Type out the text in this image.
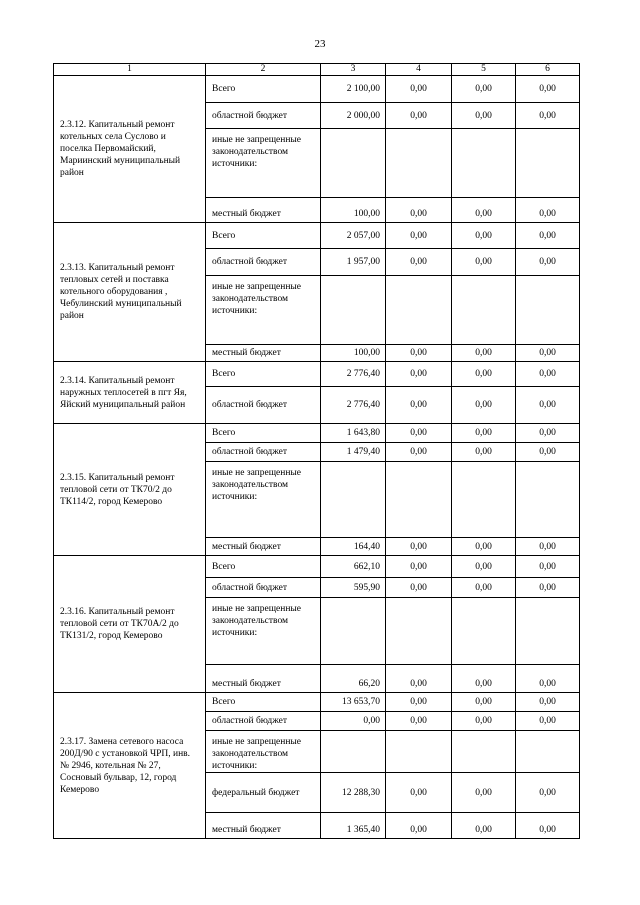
23
1	2	3	4	5	6
2.3.12. Капитальный ремонт котельных села Суслово и поселка Первомайский, Мариинский муниципальный район	Всего	2 100,00	0,00	0,00	0,00
	областной бюджет	2 000,00	0,00	0,00	0,00
	иные не запрещенные законодательством источники:				
	местный бюджет	100,00	0,00	0,00	0,00
2.3.13. Капитальный ремонт тепловых сетей и поставка котельного оборудования , Чебулинский муниципальный район	Всего	2 057,00	0,00	0,00	0,00
	областной бюджет	1 957,00	0,00	0,00	0,00
	иные не запрещенные законодательством источники:				
	местный бюджет	100,00	0,00	0,00	0,00
2.3.14. Капитальный ремонт наружных теплосетей в пгт Яя, Яйский муниципальный район	Всего	2 776,40	0,00	0,00	0,00
	областной бюджет	2 776,40	0,00	0,00	0,00
2.3.15. Капитальный ремонт тепловой сети от ТК70/2 до ТК114/2, город Кемерово	Всего	1 643,80	0,00	0,00	0,00
	областной бюджет	1 479,40	0,00	0,00	0,00
	иные не запрещенные законодательством источники:				
	местный бюджет	164,40	0,00	0,00	0,00
2.3.16. Капитальный ремонт тепловой сети от ТК70А/2 до ТК131/2, город Кемерово	Всего	662,10	0,00	0,00	0,00
	областной бюджет	595,90	0,00	0,00	0,00
	иные не запрещенные законодательством источники:				
	местный бюджет	66,20	0,00	0,00	0,00
2.3.17. Замена сетевого насоса 200Д/90 с установкой ЧРП, инв. № 2946, котельная № 27, Сосновый бульвар, 12, город Кемерово	Всего	13 653,70	0,00	0,00	0,00
	областной бюджет	0,00	0,00	0,00	0,00
	иные не запрещенные законодательством источники:				
	федеральный бюджет	12 288,30	0,00	0,00	0,00
	местный бюджет	1 365,40	0,00	0,00	0,00
